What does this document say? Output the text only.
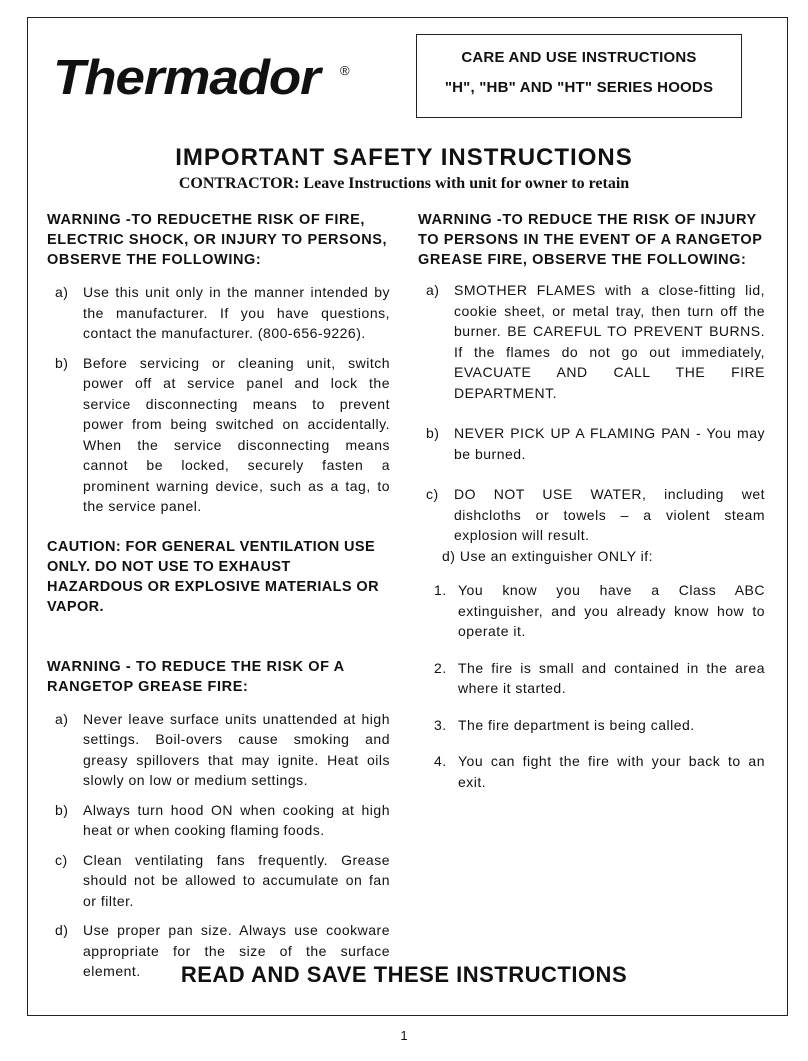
Thermador ®
CARE AND USE INSTRUCTIONS
"H", "HB" AND "HT" SERIES HOODS
IMPORTANT SAFETY INSTRUCTIONS
CONTRACTOR: Leave Instructions with unit for owner to retain
WARNING -TO REDUCETHE RISK OF FIRE, ELECTRIC SHOCK, OR INJURY TO PERSONS, OBSERVE THE FOLLOWING:
a)	Use this unit only in the manner intended by the manufacturer. If you have questions, contact the manufacturer. (800-656-9226).
b)	Before servicing or cleaning unit, switch power off at service panel and lock the service disconnecting means to prevent power from being switched on accidentally. When the service disconnecting means cannot be locked, securely fasten a prominent warning device, such as a tag, to the service panel.
CAUTION: FOR GENERAL VENTILATION USE ONLY. DO NOT USE TO EXHAUST HAZARDOUS OR EXPLOSIVE MATERIALS OR VAPOR.
WARNING - TO REDUCE THE RISK OF A RANGETOP GREASE FIRE:
a)	Never leave surface units unattended at high settings. Boil-overs cause smoking and greasy spillovers that may ignite. Heat oils slowly on low or medium settings.
b)	Always turn hood ON when cooking at high heat or when cooking flaming foods.
c)	Clean ventilating fans frequently. Grease should not be allowed to accumulate on fan or filter.
d)	Use proper pan size. Always use cookware appropriate for the size of the surface element.
WARNING -TO REDUCE THE RISK OF INJURY TO PERSONS IN THE EVENT OF A RANGETOP GREASE FIRE, OBSERVE THE FOLLOWING:
a)	SMOTHER FLAMES with a close-fitting lid, cookie sheet, or metal tray, then turn off the burner. BE CAREFUL TO PREVENT BURNS. If the flames do not go out immediately, EVACUATE AND CALL THE FIRE DEPARTMENT.
b)	NEVER PICK UP A FLAMING PAN - You may be burned.
c)	DO NOT USE WATER, including wet dishcloths or towels – a violent steam explosion will result.
d) Use an extinguisher ONLY if:
1. You know you have a Class ABC extinguisher, and you already know how to operate it.
2. The fire is small and contained in the area where it started.
3. The fire department is being called.
4. You can fight the fire with your back to an exit.
READ AND SAVE THESE INSTRUCTIONS
1
